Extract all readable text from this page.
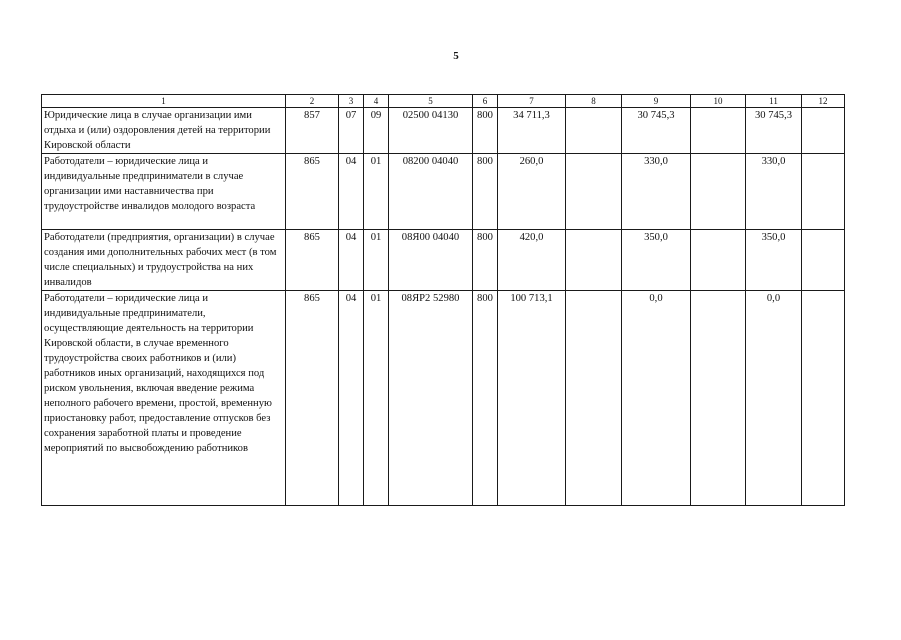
5
1	2	3	4	5	6	7	8	9	10	11	12
Юридические лица в случае организации ими отдыха и (или) оздоровления детей на территории Кировской области	857	07	09	02500 04130	800	34 711,3		30 745,3		30 745,3	
Работодатели – юридические лица и индивидуальные предприниматели в случае организации ими наставничества при трудоустройстве инвалидов молодого возраста	865	04	01	08200 04040	800	260,0		330,0		330,0	
Работодатели (предприятия, организации) в случае создания ими дополнительных рабочих мест (в том числе специальных) и трудоустройства на них инвалидов	865	04	01	08Я00 04040	800	420,0		350,0		350,0	
Работодатели – юридические лица и индивидуальные предприниматели, осуществляющие деятельность на территории Кировской области, в случае временного трудоустройства своих работников и (или) работников иных организаций, находящихся под риском увольнения, включая введение режима неполного рабочего времени, простой, временную приостановку работ, предоставление отпусков без сохранения заработной платы и проведение мероприятий по высвобождению работников	865	04	01	08ЯР2 52980	800	100 713,1		0,0		0,0	
